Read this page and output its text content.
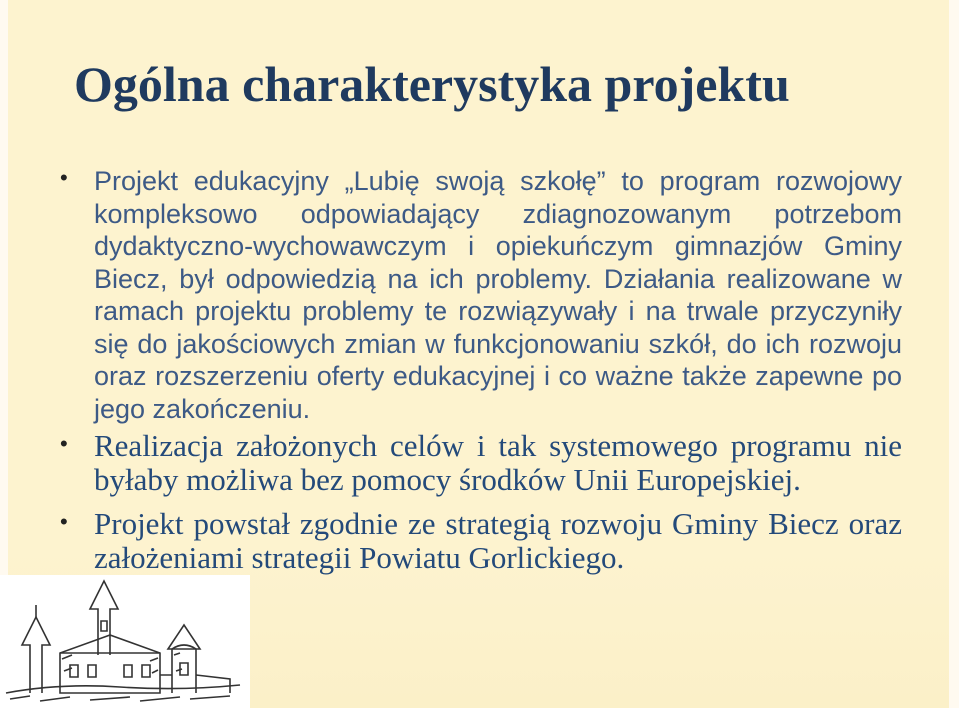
Ogólna charakterystyka projektu
• Projekt edukacyjny „Lubię swoją szkołę” to program rozwojowy kompleksowo odpowiadający zdiagnozowanym potrzebom dydaktyczno-wychowawczym i opiekuńczym gimnazjów Gminy Biecz, był odpowiedzią na ich problemy. Działania realizowane w ramach projektu problemy te rozwiązywały i na trwale przyczyniły się do jakościowych zmian w funkcjonowaniu szkół, do ich rozwoju oraz rozszerzeniu oferty edukacyjnej i co ważne także zapewne po jego zakończeniu.
• Realizacja założonych celów i tak systemowego programu nie byłaby możliwa bez pomocy środków Unii Europejskiej.
• Projekt powstał zgodnie ze strategią rozwoju Gminy Biecz oraz założeniami strategii Powiatu Gorlickiego.
